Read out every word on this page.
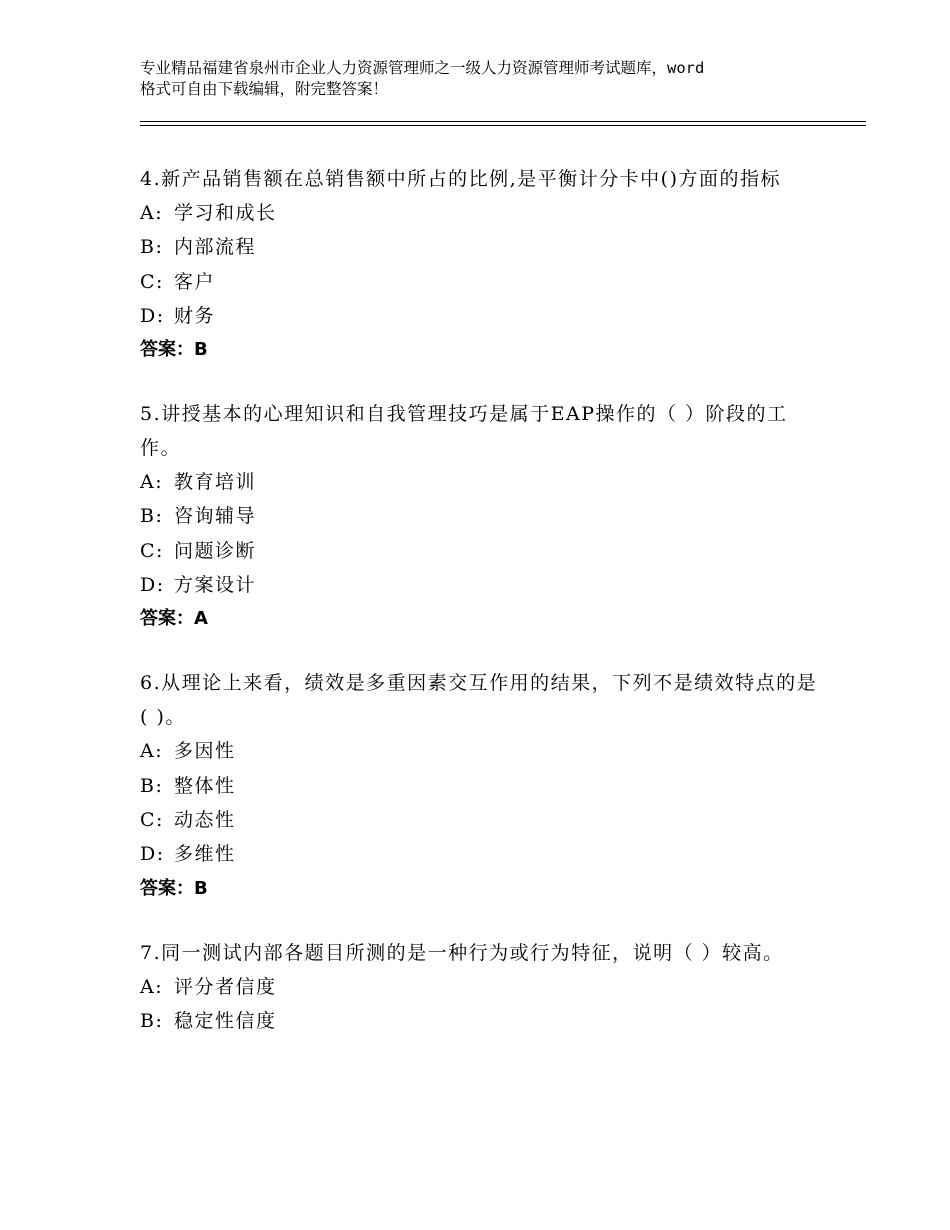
专业精品福建省泉州市企业人力资源管理师之一级人力资源管理师考试题库，word
格式可自由下载编辑，附完整答案！

4.新产品销售额在总销售额中所占的比例,是平衡计分卡中()方面的指标

A: 学习和成长

B: 内部流程

C: 客户

D: 财务

答案：B

5.讲授基本的心理知识和自我管理技巧是属于EAP操作的（ ）阶段的工作。

A: 教育培训

B: 咨询辅导

C: 问题诊断

D: 方案设计

答案：A

6.从理论上来看，绩效是多重因素交互作用的结果，下列不是绩效特点的是( )。

A: 多因性

B: 整体性

C: 动态性

D: 多维性

答案：B

7.同一测试内部各题目所测的是一种行为或行为特征，说明（ ）较高。

A: 评分者信度

B: 稳定性信度
